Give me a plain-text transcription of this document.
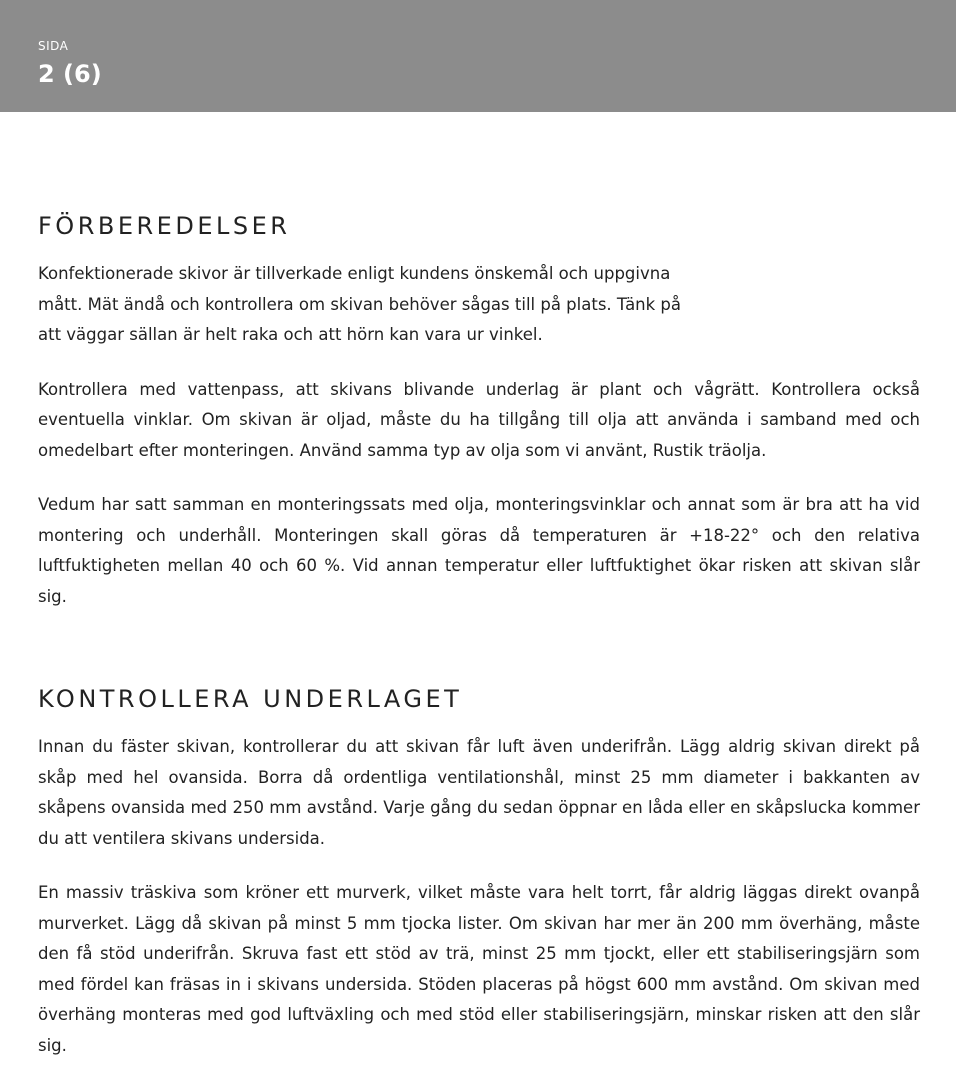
SIDA
2 (6)
FÖRBEREDELSER

Konfektionerade skivor är tillverkade enligt kundens önskemål och uppgivna mått. Mät ändå och kontrollera om skivan behöver sågas till på plats. Tänk på att väggar sällan är helt raka och att hörn kan vara ur vinkel.

Kontrollera med vattenpass, att skivans blivande underlag är plant och vågrätt. Kontrollera också eventuella vinklar. Om skivan är oljad, måste du ha tillgång till olja att använda i samband med och omedelbart efter monteringen. Använd samma typ av olja som vi använt, Rustik träolja.

Vedum har satt samman en monteringssats med olja, monteringsvinklar och annat som är bra att ha vid montering och underhåll. Monteringen skall göras då temperaturen är +18-22° och den relativa luftfuktigheten mellan 40 och 60 %. Vid annan temperatur eller luftfuktighet ökar risken att skivan slår sig.

KONTROLLERA UNDERLAGET

Innan du fäster skivan, kontrollerar du att skivan får luft även underifrån. Lägg aldrig skivan direkt på skåp med hel ovansida. Borra då ordentliga ventilationshål, minst 25 mm diameter i bakkanten av skåpens ovansida med 250 mm avstånd. Varje gång du sedan öppnar en låda eller en skåpslucka kommer du att ventilera skivans undersida.

En massiv träskiva som kröner ett murverk, vilket måste vara helt torrt, får aldrig läggas direkt ovanpå murverket. Lägg då skivan på minst 5 mm tjocka lister. Om skivan har mer än 200 mm överhäng, måste den få stöd underifrån. Skruva fast ett stöd av trä, minst 25 mm tjockt, eller ett stabiliseringsjärn som med fördel kan fräsas in i skivans undersida. Stöden placeras på högst 600 mm avstånd. Om skivan med överhäng monteras med god luftväxling och med stöd eller stabiliseringsjärn, minskar risken att den slår sig.
